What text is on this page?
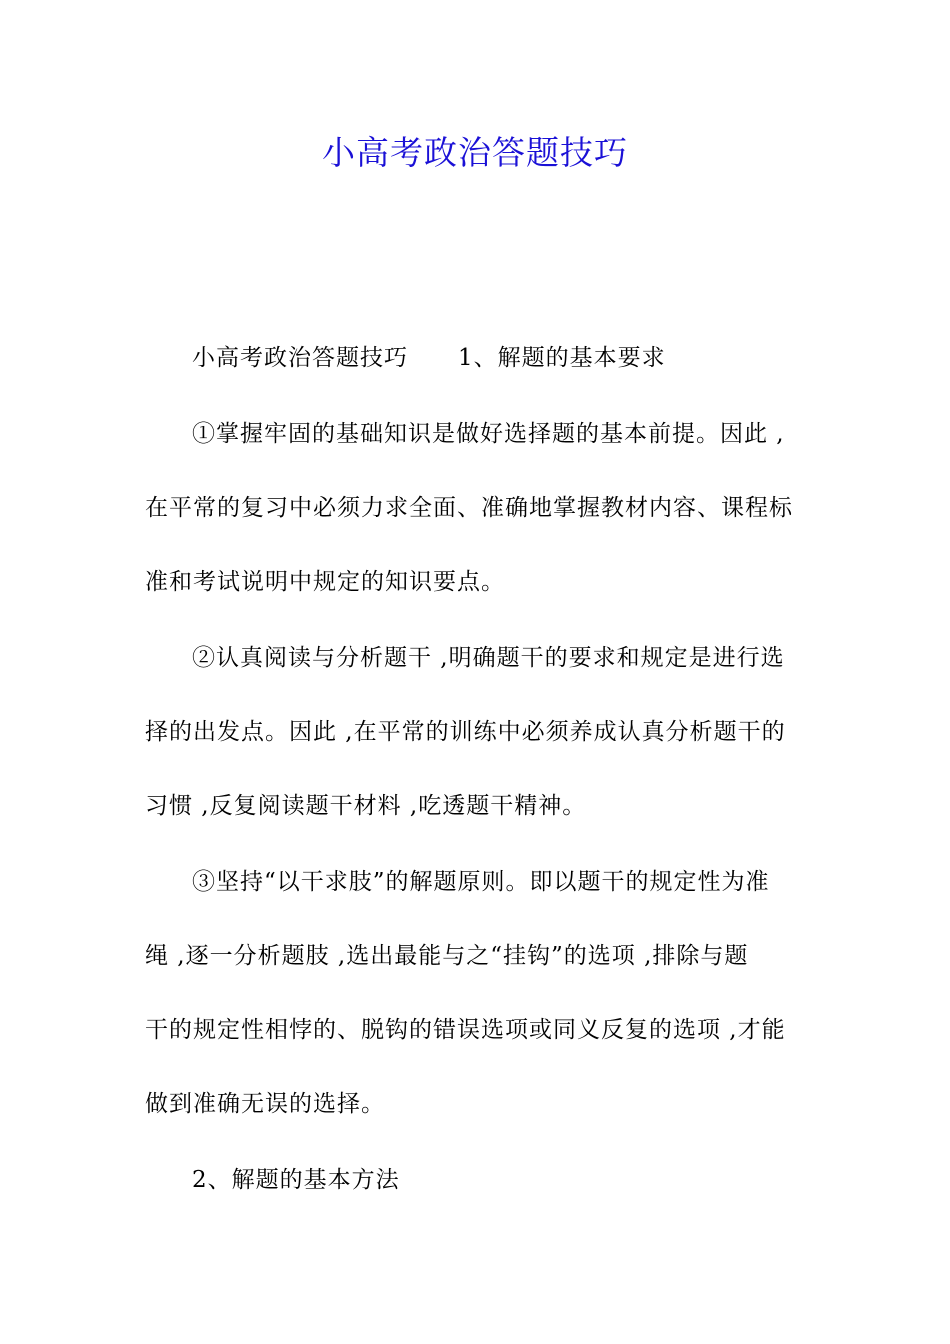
小高考政治答题技巧
小高考政治答题技巧 1、解题的基本要求
①掌握牢固的基础知识是做好选择题的基本前提。因此 ,
在平常的复习中必须力求全面、准确地掌握教材内容、课程标
准和考试说明中规定的知识要点。
②认真阅读与分析题干 ,明确题干的要求和规定是进行选
择的出发点。因此 ,在平常的训练中必须养成认真分析题干的
习惯 ,反复阅读题干材料 ,吃透题干精神。
③坚持“以干求肢”的解题原则。即以题干的规定性为准
绳 ,逐一分析题肢 ,选出最能与之“挂钩”的选项 ,排除与题
干的规定性相悖的、脱钩的错误选项或同义反复的选项 ,才能
做到准确无误的选择。
2、解题的基本方法
